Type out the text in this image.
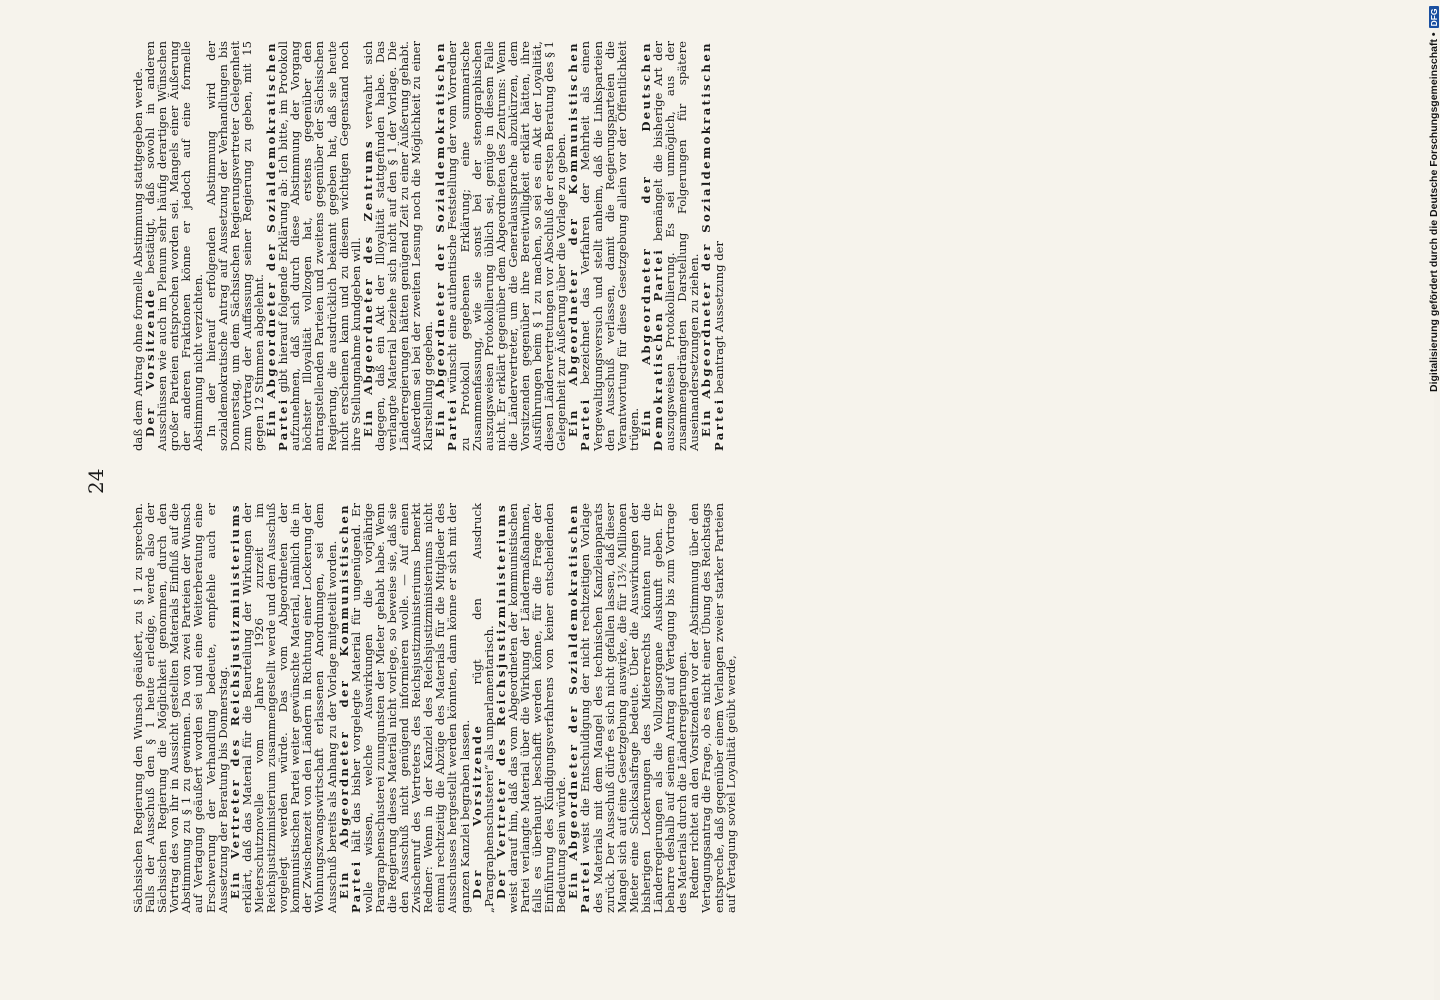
24

Sächsischen Regierung den Wunsch geäußert, zu § 1 zu sprechen. Falls der Ausschuß den § 1 heute erledige, werde also der Sächsischen Regierung die Möglichkeit genommen, durch den Vortrag des von ihr in Aussicht gestellten Materials Einfluß auf die Abstimmung zu § 1 zu gewinnen. Da von zwei Parteien der Wunsch auf Vertagung geäußert worden sei und eine Weiterberatung eine Erschwerung der Verhandlung bedeute, empfehle auch er Aussetzung der Beratung bis Donnerstag.

Ein Vertreter des Reichsjustizministeriums erklärt, daß das Material für die Beurteilung der Wirkungen der Mieterschutznovelle vom Jahre 1926 zurzeit im Reichsjustizministerium zusammengestellt werde und dem Ausschuß vorgelegt werden würde. Das vom Abgeordneten der kommunistischen Partei weiter gewünschte Material, nämlich die in der Zwischenzeit von den Ländern in Richtung einer Lockerung der Wohnungszwangswirtschaft erlassenen Anordnungen, sei dem Ausschuß bereits als Anhang zu der Vorlage mitgeteilt worden.

Ein Abgeordneter der Kommunistischen Partei hält das bisher vorgelegte Material für ungenügend. Er wolle wissen, welche Auswirkungen die vorjährige Paragraphenschusterei zuungunsten der Mieter gehabt habe. Wenn die Regierung dieses Material nicht vorlege, so beweise sie, daß sie den Ausschuß nicht genügend informieren wolle. — Auf einen Zwischenruf des Vertreters des Reichsjustizministeriums bemerkt Redner: Wenn in der Kanzlei des Reichsjustizministeriums nicht einmal rechtzeitig die Abzüge des Materials für die Mitglieder des Ausschusses hergestellt werden könnten, dann könne er sich mit der ganzen Kanzlei begraben lassen.

Der Vorsitzende rügt den Ausdruck „Paragraphenschusterei“ als unparlamentarisch.

Der Vertreter des Reichsjustizministeriums weist darauf hin, daß das vom Abgeordneten der kommunistischen Partei verlangte Material über die Wirkung der Ländermaßnahmen, falls es überhaupt beschafft werden könne, für die Frage der Einführung des Kündigungsverfahrens von keiner entscheidenden Bedeutung sein würde.

Ein Abgeordneter der Sozialdemokratischen Partei weist die Entschuldigung der nicht rechtzeitigen Vorlage des Materials mit dem Mangel des technischen Kanzleiapparats zurück. Der Ausschuß dürfe es sich nicht gefallen lassen, daß dieser Mangel sich auf eine Gesetzgebung auswirke, die für 13½ Millionen Mieter eine Schicksalsfrage bedeute. Über die Auswirkungen der bisherigen Lockerungen des Mieterrechts könnten nur die Länderregierungen als die Vollzugsorgane Auskunft geben. Er beharre deshalb auf seinem Antrag auf Vertagung bis zum Vortrage des Materials durch die Länderregierungen.

Redner richtet an den Vorsitzenden vor der Abstimmung über den Vertagungsantrag die Frage, ob es nicht einer Übung des Reichstags entspreche, daß gegenüber einem Verlangen zweier starker Parteien auf Vertagung soviel Loyalität geübt werde,

daß dem Antrag ohne formelle Abstimmung stattgegeben werde.

Der Vorsitzende bestätigt, daß sowohl in anderen Ausschüssen wie auch im Plenum sehr häufig derartigen Wünschen großer Parteien entsprochen worden sei. Mangels einer Äußerung der anderen Fraktionen könne er jedoch auf eine formelle Abstimmung nicht verzichten.

In der hierauf erfolgenden Abstimmung wird der sozialdemokratische Antrag auf Aussetzung der Verhandlungen bis Donnerstag, um dem Sächsischen Regierungsvertreter Gelegenheit zum Vortrag der Auffassung seiner Regierung zu geben, mit 15 gegen 12 Stimmen abgelehnt.

Ein Abgeordneter der Sozialdemokratischen Partei gibt hierauf folgende Erklärung ab: Ich bitte, im Protokoll aufzunehmen, daß sich durch diese Abstimmung der Vorgang höchster Illoyalität vollzogen hat, erstens gegenüber den antragstellenden Parteien und zweitens gegenüber der Sächsischen Regierung, die ausdrücklich bekannt gegeben hat, daß sie heute nicht erscheinen kann und zu diesem wichtigen Gegenstand noch ihre Stellungnahme kundgeben will.

Ein Abgeordneter des Zentrums verwahrt sich dagegen, daß ein Akt der Illoyalität stattgefunden habe. Das verlangte Material beziehe sich nicht auf den § 1 der Vorlage. Die Länderregierungen hätten genügend Zeit zu einer Äußerung gehabt. Außerdem sei bei der zweiten Lesung noch die Möglichkeit zu einer Klarstellung gegeben.

Ein Abgeordneter der Sozialdemokratischen Partei wünscht eine authentische Feststellung der vom Vorredner zu Protokoll gegebenen Erklärung; eine summarische Zusammenfassung, wie sie sonst bei der stenographischen auszugsweisen Protokollierung üblich sei, genüge in diesem Falle nicht. Er erklärt gegenüber dem Abgeordneten des Zentrums: Wenn die Ländervertreter, um die Generalaussprache abzukürzen, dem Vorsitzenden gegenüber ihre Bereitwilligkeit erklärt hätten, ihre Ausführungen beim § 1 zu machen, so sei es ein Akt der Loyalität, diesen Ländervertretungen vor Abschluß der ersten Beratung des § 1 Gelegenheit zur Äußerung über die Vorlage zu geben.

Ein Abgeordneter der Kommunistischen Partei bezeichnet das Verfahren der Mehrheit als einen Vergewaltigungsversuch und stellt anheim, daß die Linksparteien den Ausschuß verlassen, damit die Regierungsparteien die Verantwortung für diese Gesetzgebung allein vor der Öffentlichkeit trügen.

Ein Abgeordneter der Deutschen Demokratischen Partei bemängelt die bisherige Art der auszugsweisen Protokollierung. Es sei unmöglich, aus der zusammengedrängten Darstellung Folgerungen für spätere Auseinandersetzungen zu ziehen.

Ein Abgeordneter der Sozialdemokratischen Partei beantragt Aussetzung der	Digitalisierung gefördert durch die Deutsche Forschungsgemeinschaft •
DFG
